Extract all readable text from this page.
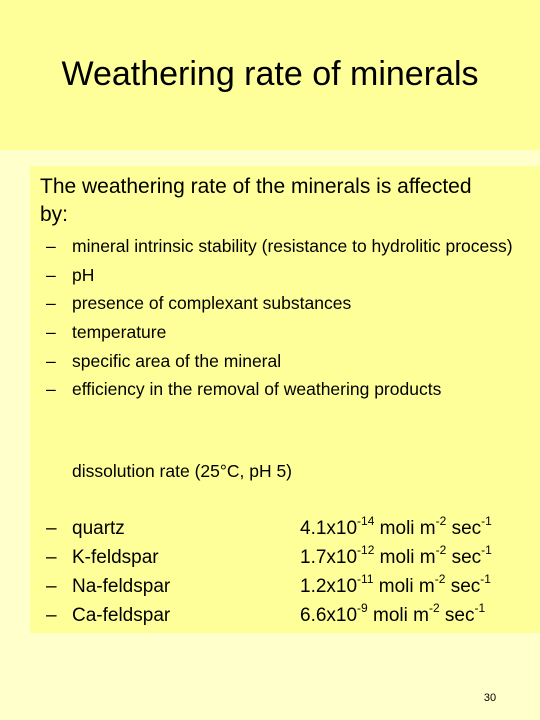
Weathering rate of minerals
The weathering rate of the minerals is affected by:
– mineral intrinsic stability (resistance to hydrolitic process)
– pH
– presence of complexant substances
– temperature
– specific area of the mineral
– efficiency in the removal of weathering products
dissolution rate (25°C, pH 5)
– quartz	$4.1x10^{-14}$ moli $m^{-2}$ $\sec^{-1}$
– K-feldspar	$1.7x10^{-12}$ moli $m^{-2}$ $\sec^{-1}$
– Na-feldspar	$1.2x10^{-11}$ moli $m^{-2}$ $\sec^{-1}$
– Ca-feldspar	$6.6x10^{-9}$ moli $m^{-2}$ $\sec^{-1}$
30
